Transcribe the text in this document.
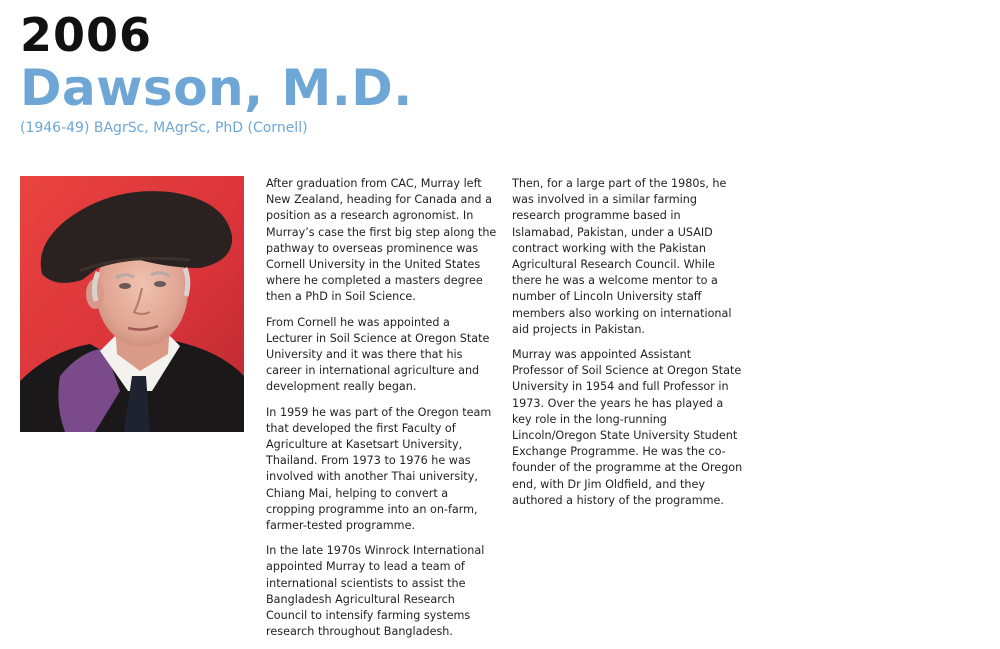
2006
Dawson, M.D.
(1946-49) BAgrSc, MAgrSc, PhD (Cornell)

After graduation from CAC, Murray left New Zealand, heading for Canada and a position as a research agronomist. In Murray’s case the first big step along the pathway to overseas prominence was Cornell University in the United States where he completed a masters degree then a PhD in Soil Science.

From Cornell he was appointed a Lecturer in Soil Science at Oregon State University and it was there that his career in international agriculture and development really began.

In 1959 he was part of the Oregon team that developed the first Faculty of Agriculture at Kasetsart University, Thailand. From 1973 to 1976 he was involved with another Thai university, Chiang Mai, helping to convert a cropping programme into an on-farm, farmer-tested programme.

In the late 1970s Winrock International appointed Murray to lead a team of international scientists to assist the Bangladesh Agricultural Research Council to intensify farming systems research throughout Bangladesh.

Then, for a large part of the 1980s, he was involved in a similar farming research programme based in Islamabad, Pakistan, under a USAID contract working with the Pakistan Agricultural Research Council. While there he was a welcome mentor to a number of Lincoln University staff members also working on international aid projects in Pakistan.

Murray was appointed Assistant Professor of Soil Science at Oregon State University in 1954 and full Professor in 1973. Over the years he has played a key role in the long-running Lincoln/Oregon State University Student Exchange Programme. He was the co-founder of the programme at the Oregon end, with Dr Jim Oldfield, and they authored a history of the programme.
